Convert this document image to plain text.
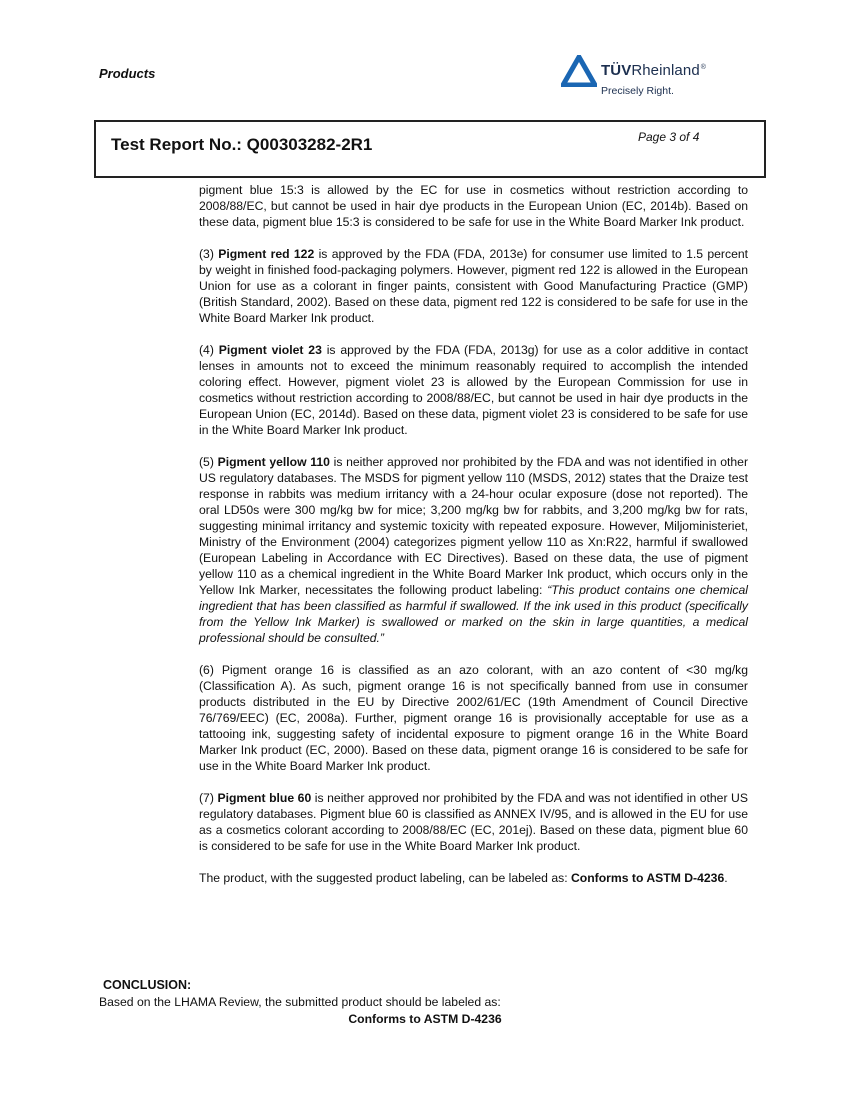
Products	TÜVRheinland®
Precisely Right.
Test Report No.: Q00303282-2R1	Page 3 of 4

pigment blue 15:3 is allowed by the EC for use in cosmetics without restriction according to 2008/88/EC, but cannot be used in hair dye products in the European Union (EC, 2014b). Based on these data, pigment blue 15:3 is considered to be safe for use in the White Board Marker Ink product.

(3) Pigment red 122 is approved by the FDA (FDA, 2013e) for consumer use limited to 1.5 percent by weight in finished food-packaging polymers. However, pigment red 122 is allowed in the European Union for use as a colorant in finger paints, consistent with Good Manufacturing Practice (GMP) (British Standard, 2002). Based on these data, pigment red 122 is considered to be safe for use in the White Board Marker Ink product.

(4) Pigment violet 23 is approved by the FDA (FDA, 2013g) for use as a color additive in contact lenses in amounts not to exceed the minimum reasonably required to accomplish the intended coloring effect. However, pigment violet 23 is allowed by the European Commission for use in cosmetics without restriction according to 2008/88/EC, but cannot be used in hair dye products in the European Union (EC, 2014d). Based on these data, pigment violet 23 is considered to be safe for use in the White Board Marker Ink product.

(5) Pigment yellow 110 is neither approved nor prohibited by the FDA and was not identified in other US regulatory databases. The MSDS for pigment yellow 110 (MSDS, 2012) states that the Draize test response in rabbits was medium irritancy with a 24-hour ocular exposure (dose not reported). The oral LD50s were 300 mg/kg bw for mice; 3,200 mg/kg bw for rabbits, and 3,200 mg/kg bw for rats, suggesting minimal irritancy and systemic toxicity with repeated exposure. However, Miljoministeriet, Ministry of the Environment (2004) categorizes pigment yellow 110 as Xn:R22, harmful if swallowed (European Labeling in Accordance with EC Directives). Based on these data, the use of pigment yellow 110 as a chemical ingredient in the White Board Marker Ink product, which occurs only in the Yellow Ink Marker, necessitates the following product labeling: “This product contains one chemical ingredient that has been classified as harmful if swallowed. If the ink used in this product (specifically from the Yellow Ink Marker) is swallowed or marked on the skin in large quantities, a medical professional should be consulted.”

(6) Pigment orange 16 is classified as an azo colorant, with an azo content of <30 mg/kg (Classification A). As such, pigment orange 16 is not specifically banned from use in consumer products distributed in the EU by Directive 2002/61/EC (19th Amendment of Council Directive 76/769/EEC) (EC, 2008a). Further, pigment orange 16 is provisionally acceptable for use as a tattooing ink, suggesting safety of incidental exposure to pigment orange 16 in the White Board Marker Ink product (EC, 2000). Based on these data, pigment orange 16 is considered to be safe for use in the White Board Marker Ink product.

(7) Pigment blue 60 is neither approved nor prohibited by the FDA and was not identified in other US regulatory databases. Pigment blue 60 is classified as ANNEX IV/95, and is allowed in the EU for use as a cosmetics colorant according to 2008/88/EC (EC, 201ej). Based on these data, pigment blue 60 is considered to be safe for use in the White Board Marker Ink product.

The product, with the suggested product labeling, can be labeled as: Conforms to ASTM D-4236.

CONCLUSION:
Based on the LHAMA Review, the submitted product should be labeled as:
Conforms to ASTM D-4236
